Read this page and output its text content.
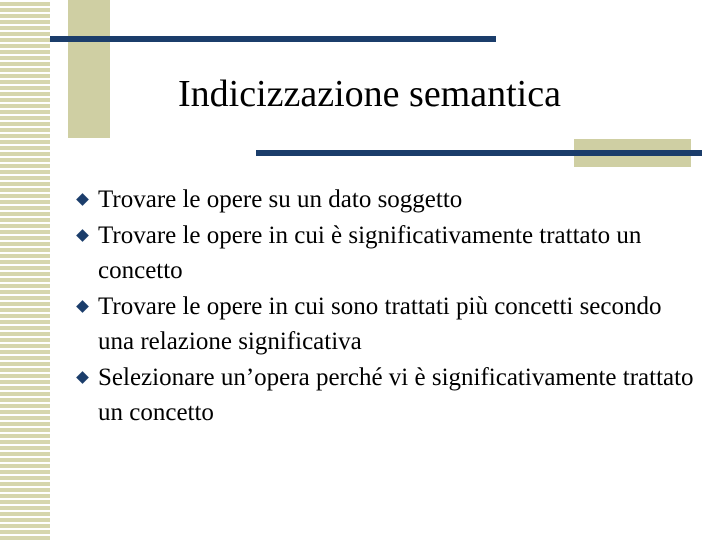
Indicizzazione semantica
Trovare le opere su un dato soggetto
Trovare le opere in cui è significativamente trattato un concetto
Trovare le opere in cui sono trattati più concetti secondo una relazione significativa
Selezionare un’opera perché vi è significativamente trattato un concetto
